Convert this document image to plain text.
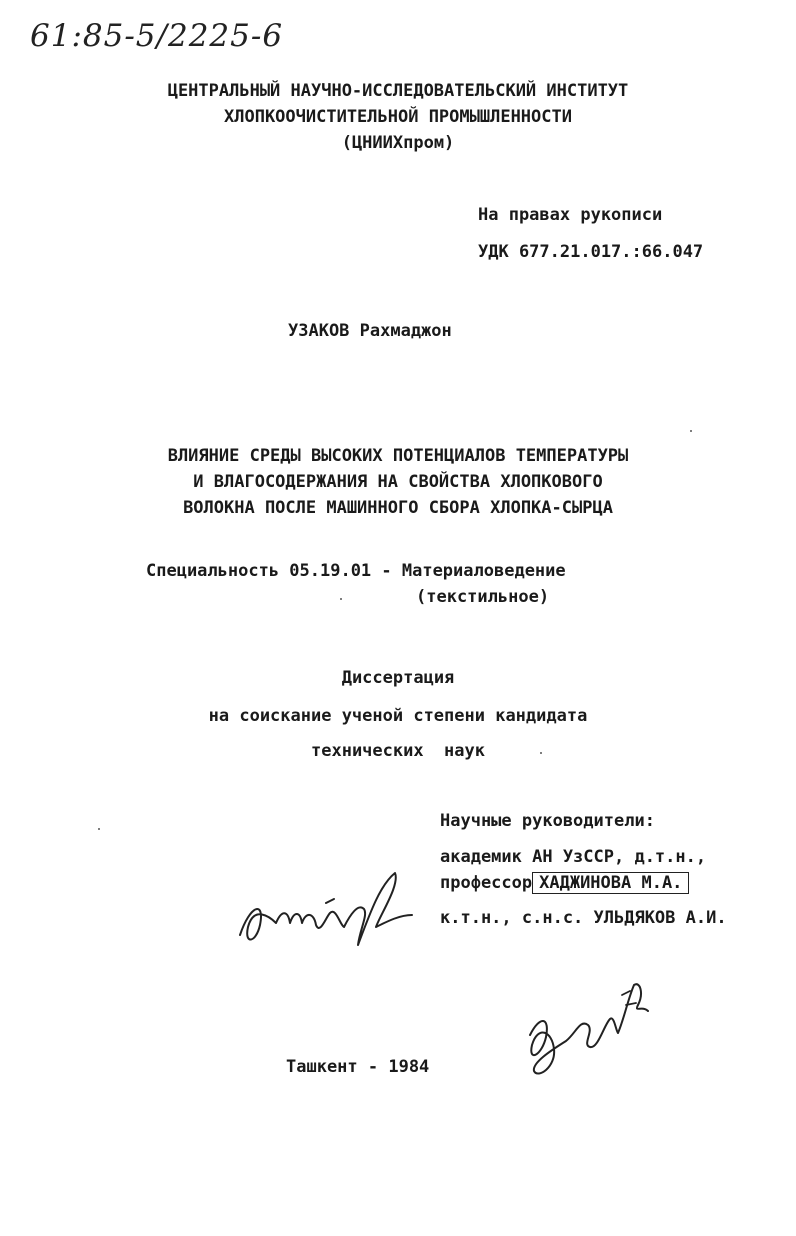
61:85-5/2225-6
ЦЕНТРАЛЬНЫЙ НАУЧНО-ИССЛЕДОВАТЕЛЬСКИЙ ИНСТИТУТ
ХЛОПКООЧИСТИТЕЛЬНОЙ ПРОМЫШЛЕННОСТИ
(ЦНИИХпром)
На правах рукописи
УДК 677.21.017.:66.047
УЗАКОВ Рахмаджон
ВЛИЯНИЕ СРЕДЫ ВЫСОКИХ ПОТЕНЦИАЛОВ ТЕМПЕРАТУРЫ
И ВЛАГОСОДЕРЖАНИЯ НА СВОЙСТВА ХЛОПКОВОГО
ВОЛОКНА ПОСЛЕ МАШИННОГО СБОРА ХЛОПКА-СЫРЦА
Специальность 05.19.01 - Материаловедение
(текстильное)
Диссертация
на соискание ученой степени кандидата
технических  наук
Научные руководители:
академик АН УзССР, д.т.н.,
профессор ХАДЖИНОВА М.А.
к.т.н., с.н.с. УЛЬДЯКОВ А.И.
Ташкент - 1984
